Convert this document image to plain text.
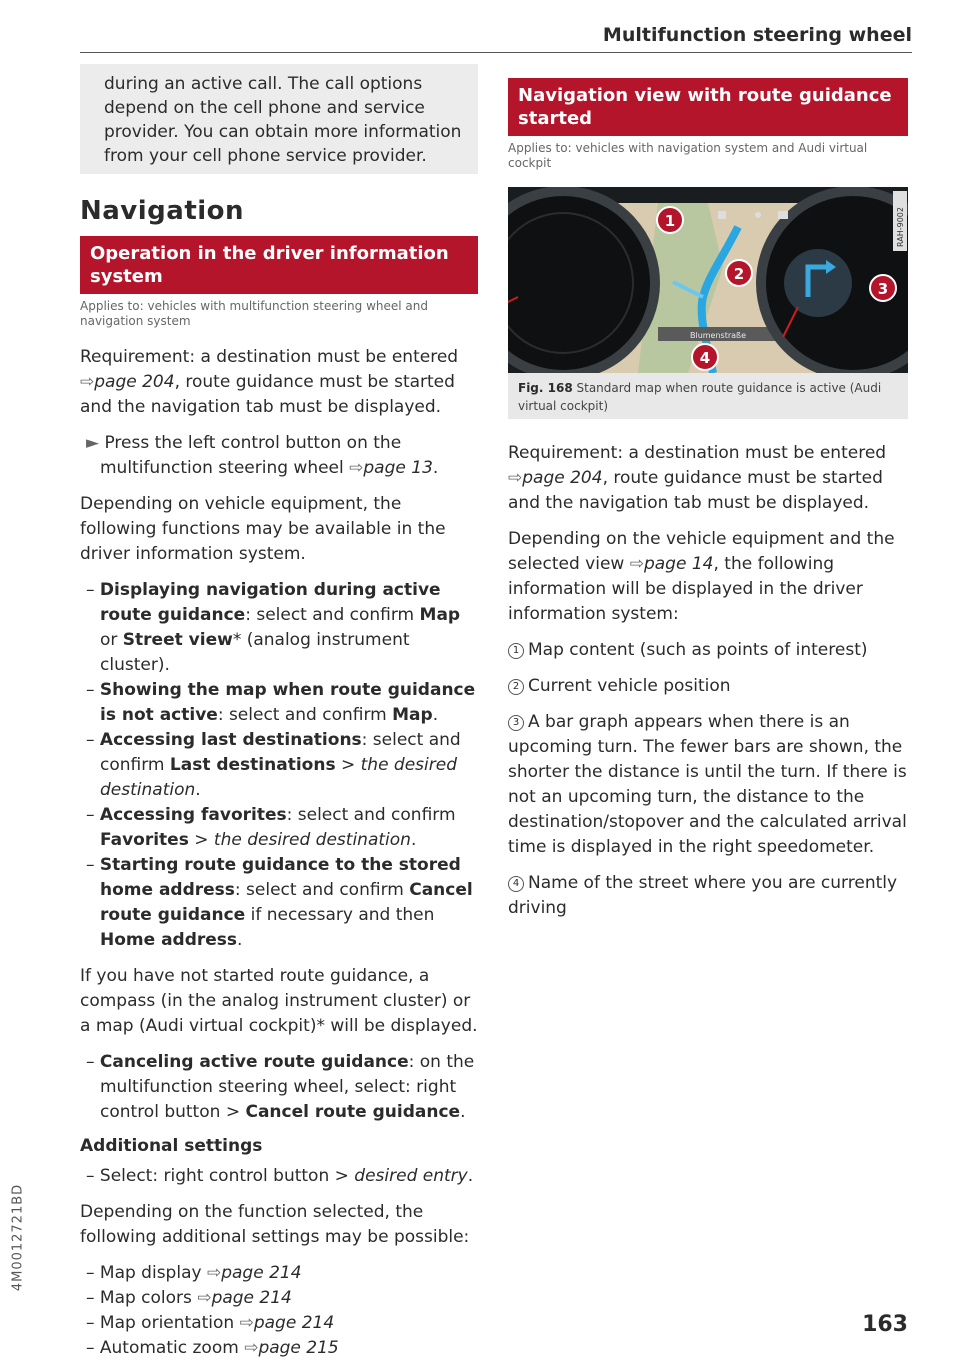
Multifunction steering wheel

during an active call. The call options depend on the cell phone and service provider. You can obtain more information from your cell phone service provider.

Navigation
Operation in the driver information system
Applies to: vehicles with multifunction steering wheel and navigation system

Requirement: a destination must be entered ⇨page 204, route guidance must be started and the navigation tab must be displayed.

► Press the left control button on the multifunction steering wheel ⇨page 13.

Depending on vehicle equipment, the following functions may be available in the driver information system.

– Displaying navigation during active route guidance: select and confirm Map or Street view* (analog instrument cluster).

– Showing the map when route guidance is not active: select and confirm Map.

– Accessing last destinations: select and confirm Last destinations > the desired destination.

– Accessing favorites: select and confirm Favorites > the desired destination.

– Starting route guidance to the stored home address: select and confirm Cancel route guidance if necessary and then Home address.

If you have not started route guidance, a compass (in the analog instrument cluster) or a map (Audi virtual cockpit)* will be displayed.

– Canceling active route guidance: on the multifunction steering wheel, select: right control button > Cancel route guidance.

Additional settings

– Select: right control button > desired entry.

Depending on the function selected, the following additional settings may be possible:

– Map display ⇨page 214

– Map colors ⇨page 214

– Map orientation ⇨page 214

– Automatic zoom ⇨page 215

Navigation view with route guidance started
Applies to: vehicles with navigation system and Audi virtual cockpit
Blumenstraße
RAH-9002
1
2
3
4
Fig. 168 Standard map when route guidance is active (Audi virtual cockpit)

Requirement: a destination must be entered ⇨page 204, route guidance must be started and the navigation tab must be displayed.

Depending on the vehicle equipment and the selected view ⇨page 14, the following information will be displayed in the driver information system:

1 Map content (such as points of interest)

2 Current vehicle position

3 A bar graph appears when there is an upcoming turn. The fewer bars are shown, the shorter the distance is until the turn. If there is not an upcoming turn, the distance to the destination/stopover and the calculated arrival time is displayed in the right speedometer.

4 Name of the street where you are currently driving

4M0012721BD
163
